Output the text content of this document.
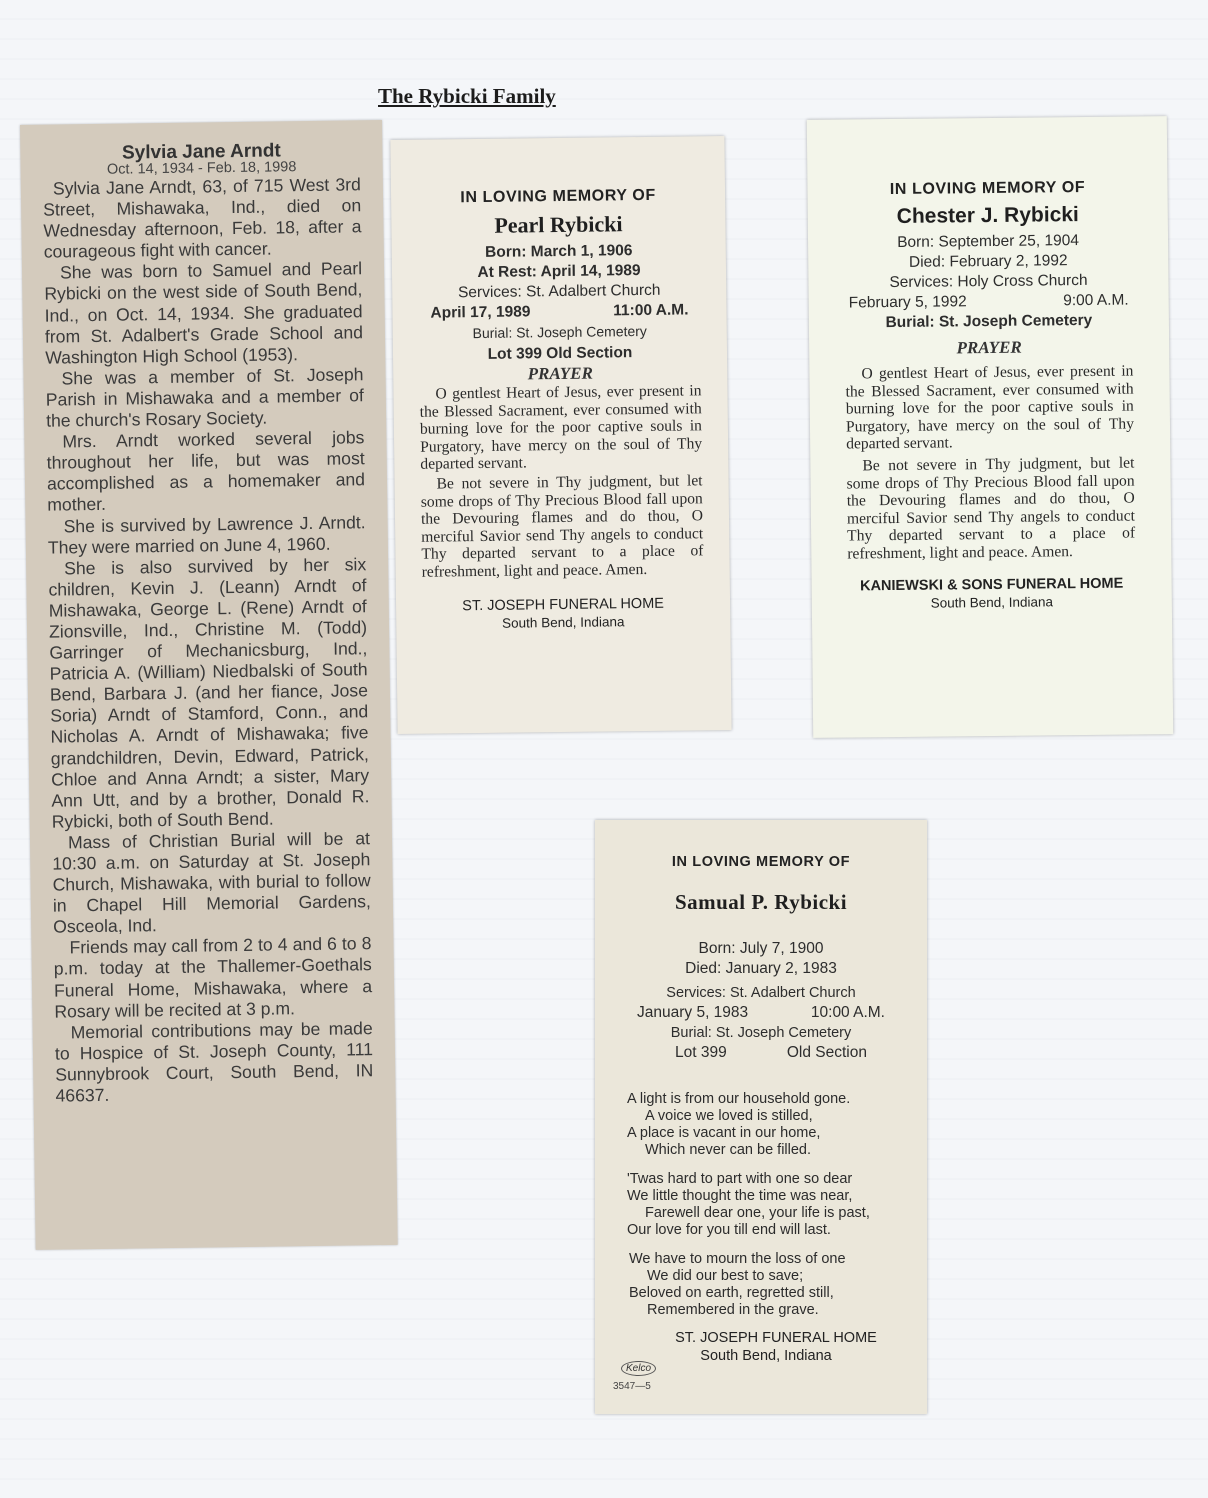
The Rybicki Family
Sylvia Jane Arndt
Oct. 14, 1934 - Feb. 18, 1998

Sylvia Jane Arndt, 63, of 715 West 3rd Street, Mishawaka, Ind., died on Wednesday afternoon, Feb. 18, after a courageous fight with cancer.

She was born to Samuel and Pearl Rybicki on the west side of South Bend, Ind., on Oct. 14, 1934. She graduated from St. Adalbert's Grade School and Washington High School (1953).

She was a member of St. Joseph Parish in Mishawaka and a member of the church's Rosary Society.

Mrs. Arndt worked several jobs throughout her life, but was most accomplished as a homemaker and mother.

She is survived by Lawrence J. Arndt. They were married on June 4, 1960.

She is also survived by her six children, Kevin J. (Leann) Arndt of Mishawaka, George L. (Rene) Arndt of Zionsville, Ind., Christine M. (Todd) Garringer of Mechanicsburg, Ind., Patricia A. (William) Niedbalski of South Bend, Barbara J. (and her fiance, Jose Soria) Arndt of Stamford, Conn., and Nicholas A. Arndt of Mishawaka; five grandchildren, Devin, Edward, Patrick, Chloe and Anna Arndt; a sister, Mary Ann Utt, and by a brother, Donald R. Rybicki, both of South Bend.

Mass of Christian Burial will be at 10:30 a.m. on Saturday at St. Joseph Church, Mishawaka, with burial to follow in Chapel Hill Memorial Gardens, Osceola, Ind.

Friends may call from 2 to 4 and 6 to 8 p.m. today at the Thallemer-Goethals Funeral Home, Mishawaka, where a Rosary will be recited at 3 p.m.

Memorial contributions may be made to Hospice of St. Joseph County, 111 Sunnybrook Court, South Bend, IN 46637.

IN LOVING MEMORY OF
Pearl Rybicki
Born: March 1, 1906
At Rest: April 14, 1989
Services: St. Adalbert Church
April 17, 1989	11:00 A.M.
Burial: St. Joseph Cemetery
Lot 399 Old Section
PRAYER

O gentlest Heart of Jesus, ever present in the Blessed Sacrament, ever consumed with burning love for the poor captive souls in Purgatory, have mercy on the soul of Thy departed servant.

Be not severe in Thy judgment, but let some drops of Thy Precious Blood fall upon the Devouring flames and do thou, O merciful Savior send Thy angels to conduct Thy departed servant to a place of refreshment, light and peace. Amen.

ST. JOSEPH FUNERAL HOME
South Bend, Indiana
IN LOVING MEMORY OF
Chester J. Rybicki
Born: September 25, 1904
Died: February 2, 1992
Services: Holy Cross Church
February 5, 1992	9:00 A.M.
Burial: St. Joseph Cemetery
PRAYER

O gentlest Heart of Jesus, ever present in the Blessed Sacrament, ever consumed with burning love for the poor captive souls in Purgatory, have mercy on the soul of Thy departed servant.

Be not severe in Thy judgment, but let some drops of Thy Precious Blood fall upon the Devouring flames and do thou, O merciful Savior send Thy angels to conduct Thy departed servant to a place of refreshment, light and peace. Amen.

KANIEWSKI & SONS FUNERAL HOME
South Bend, Indiana
IN LOVING MEMORY OF
Samual P. Rybicki
Born: July 7, 1900
Died: January 2, 1983
Services: St. Adalbert Church
January 5, 1983	10:00 A.M.
Burial: St. Joseph Cemetery
Lot 399	Old Section
A light is from our household gone.
A voice we loved is stilled,
A place is vacant in our home,
Which never can be filled.
'Twas hard to part with one so dear
We little thought the time was near,
Farewell dear one, your life is past,
Our love for you till end will last.
We have to mourn the loss of one
We did our best to save;
Beloved on earth, regretted still,
Remembered in the grave.
ST. JOSEPH FUNERAL HOME
South Bend, Indiana
Kelco
3547—5
